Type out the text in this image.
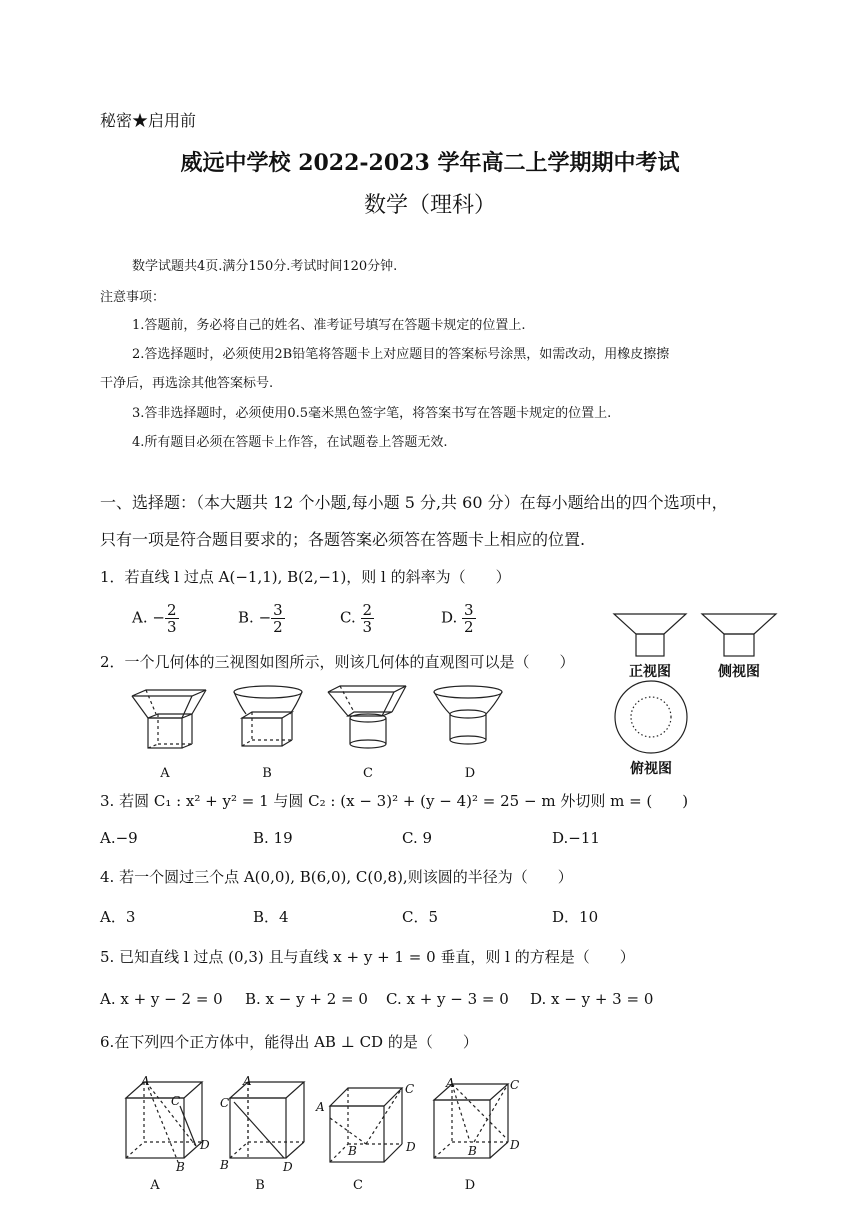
秘密★启用前
威远中学校 2022-2023 学年高二上学期期中考试
数学（理科）
数学试题共4页.满分150分.考试时间120分钟.
注意事项：
1.答题前，务必将自己的姓名、准考证号填写在答题卡规定的位置上.
2.答选择题时，必须使用2B铅笔将答题卡上对应题目的答案标号涂黑，如需改动，用橡皮擦擦
干净后，再选涂其他答案标号.
3.答非选择题时，必须使用0.5毫米黑色签字笔，将答案书写在答题卡规定的位置上.
4.所有题目必须在答题卡上作答，在试题卷上答题无效.
一、选择题：（本大题共 12 个小题,每小题 5 分,共 60 分）在每小题给出的四个选项中，
只有一项是符合题目要求的；各题答案必须答在答题卡上相应的位置.
1．若直线 l 过点 A(−1,1), B(2,−1)，则 l 的斜率为（　　）
A. − $\frac{2}{3}$	B. − $\frac{3}{2}$	C. $\frac{2}{3}$	D. $\frac{3}{2}$
2．一个几何体的三视图如图所示，则该几何体的直观图可以是（　　）
正视图	侧视图
俯视图
A	B	C	D
3. 若圆 C₁ : x² + y² = 1 与圆 C₂ : (x − 3)² + (y − 4)² = 25 − m 外切则 m = (　　)
A.−9	B. 19	C. 9	D.−11
4. 若一个圆过三个点 A(0,0), B(6,0), C(0,8),则该圆的半径为（　　）
A．3	B．4	C．5	D．10
5. 已知直线 l 过点 (0,3) 且与直线 x + y + 1 = 0 垂直，则 l 的方程是（　　）
A. x + y − 2 = 0 B. x − y + 2 = 0 C. x + y − 3 = 0 D. x − y + 3 = 0
6.在下列四个正方体中，能得出 AB ⊥ CD 的是（　　）
A
C
D
B
A
A
C
B	D
B
C
A
D
B
C
A	C
D
B
D
